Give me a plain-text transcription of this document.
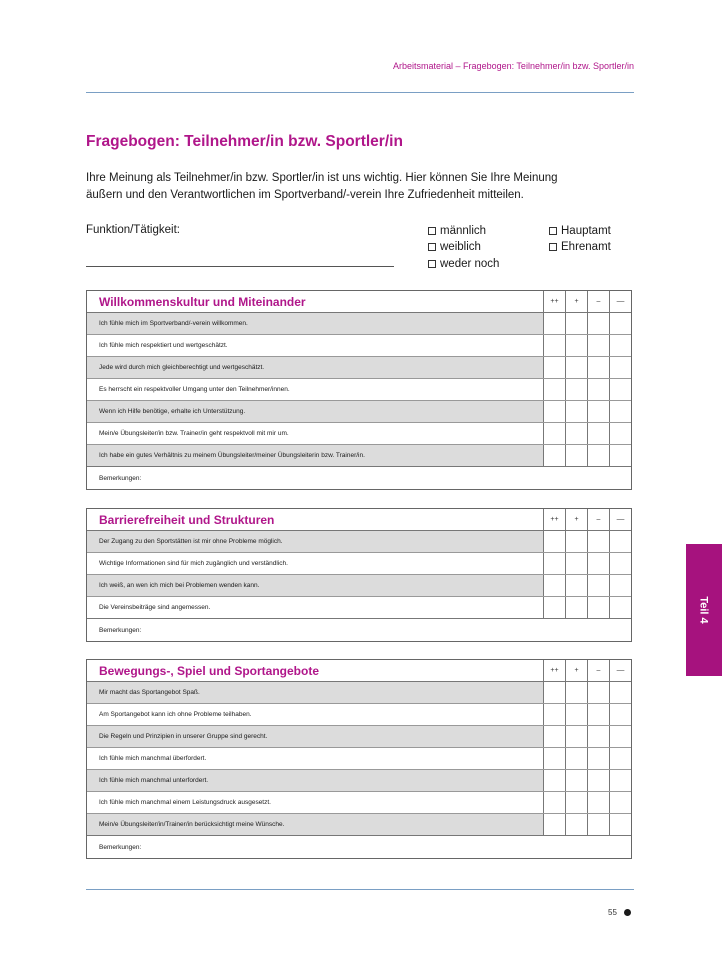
Arbeitsmaterial – Fragebogen: Teilnehmer/in bzw. Sportler/in
Fragebogen: Teilnehmer/in bzw. Sportler/in
Ihre Meinung als Teilnehmer/in bzw. Sportler/in ist uns wichtig. Hier können Sie Ihre Meinung
äußern und den Verantwortlichen im Sportverband/-verein Ihre Zufriedenheit mitteilen.
Funktion/Tätigkeit:	männlich
weiblich
weder noch
Hauptamt
Ehrenamt
Willkommenskultur und Miteinander	++	+	–	––
Ich fühle mich im Sportverband/-verein willkommen.
Ich fühle mich respektiert und wertgeschätzt.
Jede wird durch mich gleichberechtigt und wertgeschätzt.
Es herrscht ein respektvoller Umgang unter den Teilnehmer/innen.
Wenn ich Hilfe benötige, erhalte ich Unterstützung.
Mein/e Übungsleiter/in bzw. Trainer/in geht respektvoll mit mir um.
Ich habe ein gutes Verhältnis zu meinem Übungsleiter/meiner Übungsleiterin bzw. Trainer/in.
Bemerkungen:
Barrierefreiheit und Strukturen	++	+	–	––
Der Zugang zu den Sportstätten ist mir ohne Probleme möglich.
Wichtige Informationen sind für mich zugänglich und verständlich.
Ich weiß, an wen ich mich bei Problemen wenden kann.
Die Vereinsbeiträge sind angemessen.
Bemerkungen:
Bewegungs-, Spiel und Sportangebote	++	+	–	––
Mir macht das Sportangebot Spaß.
Am Sportangebot kann ich ohne Probleme teilhaben.
Die Regeln und Prinzipien in unserer Gruppe sind gerecht.
Ich fühle mich manchmal überfordert.
Ich fühle mich manchmal unterfordert.
Ich fühle mich manchmal einem Leistungsdruck ausgesetzt.
Mein/e Übungsleiter/in/Trainer/in berücksichtigt meine Wünsche.
Bemerkungen:
Teil 4
55
